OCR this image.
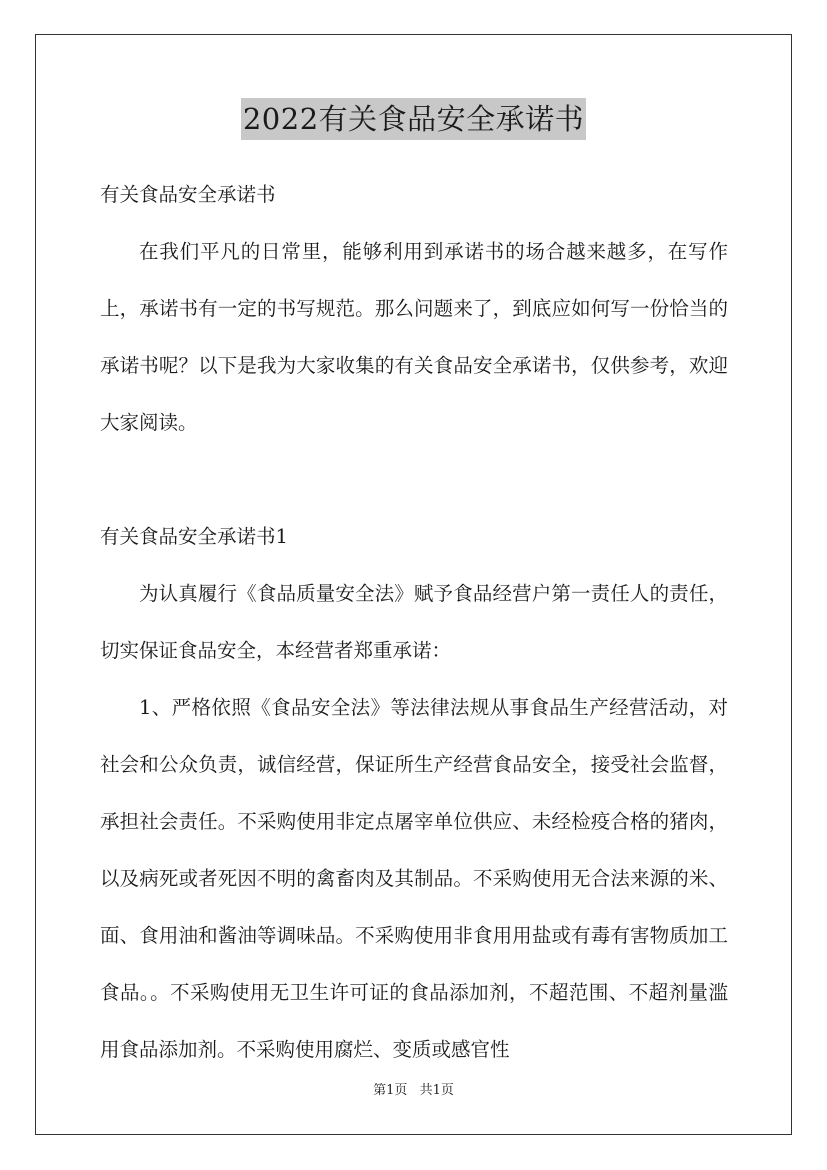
2022有关食品安全承诺书

有关食品安全承诺书

在我们平凡的日常里，能够利用到承诺书的场合越来越多，在写作上，承诺书有一定的书写规范。那么问题来了，到底应如何写一份恰当的承诺书呢？以下是我为大家收集的有关食品安全承诺书，仅供参考，欢迎大家阅读。

有关食品安全承诺书1

为认真履行《食品质量安全法》赋予食品经营户第一责任人的责任，切实保证食品安全，本经营者郑重承诺：

1、严格依照《食品安全法》等法律法规从事食品生产经营活动，对社会和公众负责，诚信经营，保证所生产经营食品安全，接受社会监督，承担社会责任。不采购使用非定点屠宰单位供应、未经检疫合格的猪肉，以及病死或者死因不明的禽畜肉及其制品。不采购使用无合法来源的米、面、食用油和酱油等调味品。不采购使用非食用用盐或有毒有害物质加工食品。。不采购使用无卫生许可证的食品添加剂，不超范围、不超剂量滥用食品添加剂。不采购使用腐烂、变质或感官性

第1页 共1页
